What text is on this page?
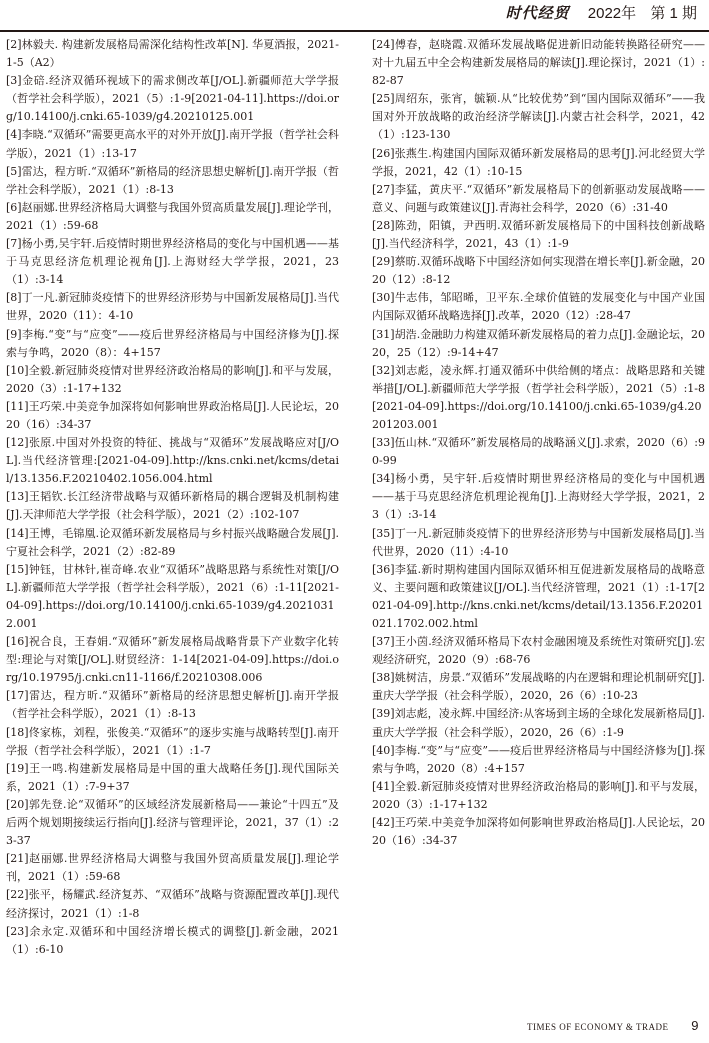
时代经贸 2022年 第 1 期

[2]林毅夫. 构建新发展格局需深化结构性改革[N]. 华夏酒报，2021-1-5（A2）

[3]金碚.经济双循环视域下的需求侧改革[J/OL].新疆师范大学学报（哲学社会科学版），2021（5）:1-9[2021-04-11].https://doi.org/10.14100/j.cnki.65-1039/g4.20210125.001

[4]李晓.“双循环”需要更高水平的对外开放[J].南开学报（哲学社会科学版），2021（1）:13-17

[5]雷达，程方昕.“双循环”新格局的经济思想史解析[J].南开学报（哲学社会科学版），2021（1）:8-13

[6]赵丽娜.世界经济格局大调整与我国外贸高质量发展[J].理论学刊，2021（1）:59-68

[7]杨小勇,吴宇轩.后疫情时期世界经济格局的变化与中国机遇——基于马克思经济危机理论视角[J].上海财经大学学报，2021，23（1）:3-14

[8]丁一凡.新冠肺炎疫情下的世界经济形势与中国新发展格局[J].当代世界，2020（11）：4-10

[9]李梅.“变”与“应变”——疫后世界经济格局与中国经济修为[J].探索与争鸣，2020（8）：4+157

[10]全毅.新冠肺炎疫情对世界经济政治格局的影响[J].和平与发展，2020（3）:1-17+132

[11]王巧荣.中美竞争加深将如何影响世界政治格局[J].人民论坛，2020（16）:34-37

[12]张原.中国对外投资的特征、挑战与“双循环”发展战略应对[J/OL].当代经济管理:[2021-04-09].http://kns.cnki.net/kcms/detail/13.1356.F.20210402.1056.004.html

[13]王韬钦.长江经济带战略与双循环新格局的耦合逻辑及机制构建[J].天津师范大学学报（社会科学版），2021（2）:102-107

[14]王博，毛锦凰.论双循环新发展格局与乡村振兴战略融合发展[J].宁夏社会科学，2021（2）:82-89

[15]钟钰，甘林针,崔奇峰.农业“双循环”战略思路与系统性对策[J/OL].新疆师范大学学报（哲学社会科学版），2021（6）:1-11[2021-04-09].https://doi.org/10.14100/j.cnki.65-1039/g4.20210312.001

[16]祝合良，王春娟.“双循环”新发展格局战略背景下产业数字化转型:理论与对策[J/OL].财贸经济：1-14[2021-04-09].https://doi.org/10.19795/j.cnki.cn11-1166/f.20210308.006

[17]雷达，程方昕.“双循环”新格局的经济思想史解析[J].南开学报（哲学社会科学版），2021（1）:8-13

[18]佟家栋，刘程，张俊美.“双循环”的逐步实施与战略转型[J].南开学报（哲学社会科学版），2021（1）:1-7

[19]王一鸣.构建新发展格局是中国的重大战略任务[J].现代国际关系，2021（1）:7-9+37

[20]郭先登.论“双循环”的区域经济发展新格局——兼论“十四五”及后两个规划期接续运行指向[J].经济与管理评论，2021，37（1）:23-37

[21]赵丽娜.世界经济格局大调整与我国外贸高质量发展[J].理论学刊，2021（1）:59-68

[22]张平，杨耀武.经济复苏、“双循环”战略与资源配置改革[J].现代经济探讨，2021（1）:1-8

[23]余永定.双循环和中国经济增长模式的调整[J].新金融，2021（1）:6-10

[24]傅春，赵晓霞.双循环发展战略促进新旧动能转换路径研究——对十九届五中全会构建新发展格局的解读[J].理论探讨，2021（1）:82-87

[25]周绍东，张宵，毓颖.从“比较优势”到“国内国际双循环”——我国对外开放战略的政治经济学解读[J].内蒙古社会科学，2021，42（1）:123-130

[26]张燕生.构建国内国际双循环新发展格局的思考[J].河北经贸大学学报，2021，42（1）:10-15

[27]李猛，黄庆平.“双循环”新发展格局下的创新驱动发展战略——意义、问题与政策建议[J].青海社会科学，2020（6）:31-40

[28]陈劲，阳镇，尹西明.双循环新发展格局下的中国科技创新战略[J].当代经济科学，2021，43（1）:1-9

[29]蔡昉.双循环战略下中国经济如何实现潜在增长率[J].新金融，2020（12）:8-12

[30]牛志伟，邹昭晞，卫平东.全球价值链的发展变化与中国产业国内国际双循环战略选择[J].改革，2020（12）:28-47

[31]胡浩.金融助力构建双循环新发展格局的着力点[J].金融论坛，2020，25（12）:9-14+47

[32]刘志彪，凌永辉.打通双循环中供给侧的堵点：战略思路和关键举措[J/OL].新疆师范大学学报（哲学社会科学版），2021（5）:1-8[2021-04-09].https://doi.org/10.14100/j.cnki.65-1039/g4.20201203.001

[33]伍山林.“双循环”新发展格局的战略涵义[J].求索，2020（6）:90-99

[34]杨小勇，吴宇轩.后疫情时期世界经济格局的变化与中国机遇——基于马克思经济危机理论视角[J].上海财经大学学报，2021，23（1）:3-14

[35]丁一凡.新冠肺炎疫情下的世界经济形势与中国新发展格局[J].当代世界，2020（11）:4-10

[36]李猛.新时期构建国内国际双循环相互促进新发展格局的战略意义、主要问题和政策建议[J/OL].当代经济管理，2021（1）:1-17[2021-04-09].http://kns.cnki.net/kcms/detail/13.1356.F.20201021.1702.002.html

[37]王小茵.经济双循环格局下农村金融困境及系统性对策研究[J].宏观经济研究，2020（9）:68-76

[38]姚树洁，房景.“双循环”发展战略的内在逻辑和理论机制研究[J].重庆大学学报（社会科学版），2020，26（6）:10-23

[39]刘志彪，凌永辉.中国经济:从客场到主场的全球化发展新格局[J].重庆大学学报（社会科学版），2020，26（6）:1-9

[40]李梅.“变”与“应变”——疫后世界经济格局与中国经济修为[J].探索与争鸣，2020（8）:4+157

[41]全毅.新冠肺炎疫情对世界经济政治格局的影响[J].和平与发展，2020（3）:1-17+132

[42]王巧荣.中美竞争加深将如何影响世界政治格局[J].人民论坛，2020（16）:34-37

TIMES OF ECONOMY & TRADE 9
